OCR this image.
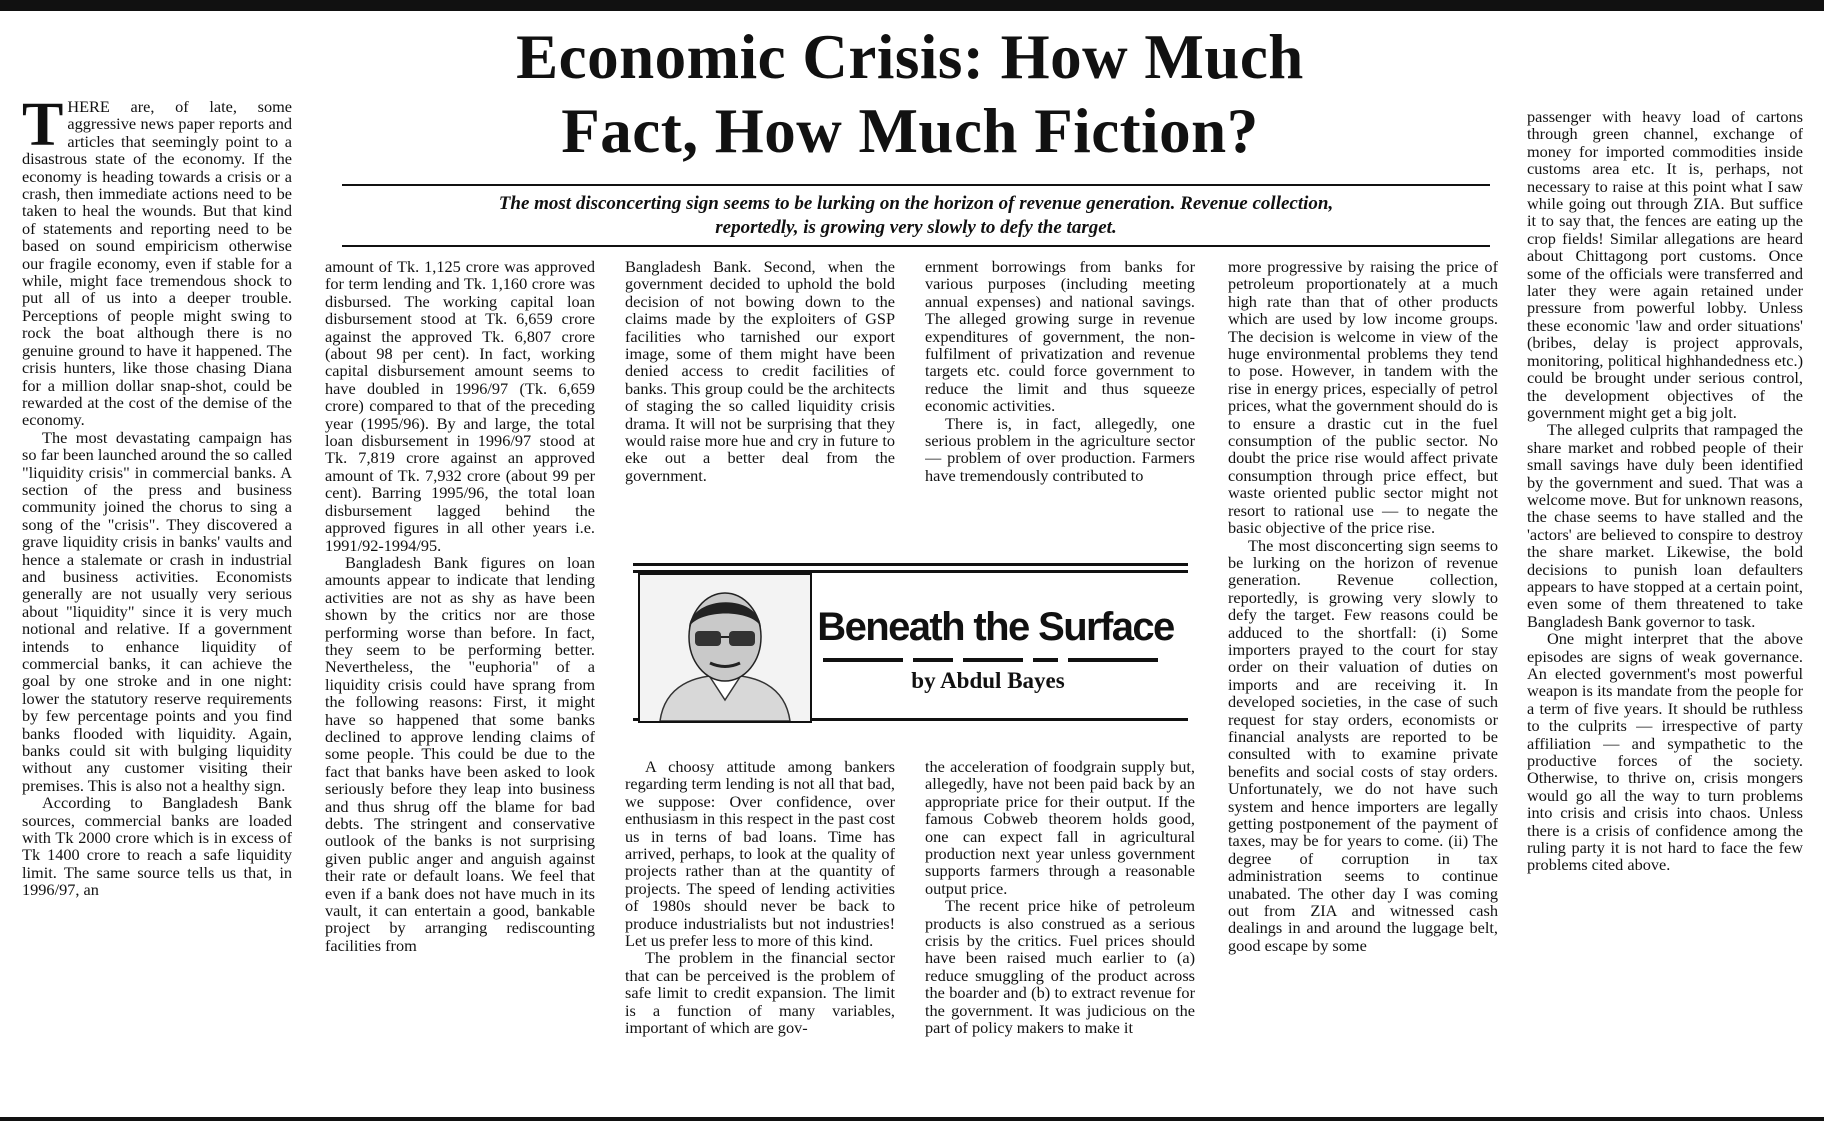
Economic Crisis: How Much
Fact, How Much Fiction?
The most disconcerting sign seems to be lurking on the horizon of revenue generation. Revenue collection,
reportedly, is growing very slowly to defy the target.

THERE are, of late, some aggressive news paper reports and articles that seemingly point to a disastrous state of the economy. If the economy is heading towards a crisis or a crash, then immediate actions need to be taken to heal the wounds. But that kind of statements and reporting need to be based on sound empiricism otherwise our fragile economy, even if stable for a while, might face tremendous shock to put all of us into a deeper trouble. Perceptions of people might swing to rock the boat although there is no genuine ground to have it happened. The crisis hunters, like those chasing Diana for a million dollar snap-shot, could be rewarded at the cost of the demise of the economy.

The most devastating campaign has so far been launched around the so called "liquidity crisis" in commercial banks. A section of the press and business community joined the chorus to sing a song of the "crisis". They discovered a grave liquidity crisis in banks' vaults and hence a stalemate or crash in industrial and business activities. Economists generally are not usually very serious about "liquidity" since it is very much notional and relative. If a government intends to enhance liquidity of commercial banks, it can achieve the goal by one stroke and in one night: lower the statutory reserve requirements by few percentage points and you find banks flooded with liquidity. Again, banks could sit with bulging liquidity without any customer visiting their premises. This is also not a healthy sign.

According to Bangladesh Bank sources, commercial banks are loaded with Tk 2000 crore which is in excess of Tk 1400 crore to reach a safe liquidity limit. The same source tells us that, in 1996/97, an

amount of Tk. 1,125 crore was approved for term lending and Tk. 1,160 crore was disbursed. The working capital loan disbursement stood at Tk. 6,659 crore against the approved Tk. 6,807 crore (about 98 per cent). In fact, working capital disbursement amount seems to have doubled in 1996/97 (Tk. 6,659 crore) compared to that of the preceding year (1995/96). By and large, the total loan disbursement in 1996/97 stood at Tk. 7,819 crore against an approved amount of Tk. 7,932 crore (about 99 per cent). Barring 1995/96, the total loan disbursement lagged behind the approved figures in all other years i.e. 1991/92-1994/95.

Bangladesh Bank figures on loan amounts appear to indicate that lending activities are not as shy as have been shown by the critics nor are those performing worse than before. In fact, they seem to be performing better. Nevertheless, the "euphoria" of a liquidity crisis could have sprang from the following reasons: First, it might have so happened that some banks declined to approve lending claims of some people. This could be due to the fact that banks have been asked to look seriously before they leap into business and thus shrug off the blame for bad debts. The stringent and conservative outlook of the banks is not surprising given public anger and anguish against their rate or default loans. We feel that even if a bank does not have much in its vault, it can entertain a good, bankable project by arranging rediscounting facilities from

Bangladesh Bank. Second, when the government decided to uphold the bold decision of not bowing down to the claims made by the exploiters of GSP facilities who tarnished our export image, some of them might have been denied access to credit facilities of banks. This group could be the architects of staging the so called liquidity crisis drama. It will not be surprising that they would raise more hue and cry in future to eke out a better deal from the government.

ernment borrowings from banks for various purposes (including meeting annual expenses) and national savings. The alleged growing surge in revenue expenditures of government, the non-fulfilment of privatization and revenue targets etc. could force government to reduce the limit and thus squeeze economic activities.

There is, in fact, allegedly, one serious problem in the agriculture sector — problem of over production. Farmers have tremendously contributed to

Beneath the Surface
by Abdul Bayes

A choosy attitude among bankers regarding term lending is not all that bad, we suppose: Over confidence, over enthusiasm in this respect in the past cost us in terns of bad loans. Time has arrived, perhaps, to look at the quality of projects rather than at the quantity of projects. The speed of lending activities of 1980s should never be back to produce industrialists but not industries! Let us prefer less to more of this kind.

The problem in the financial sector that can be perceived is the problem of safe limit to credit expansion. The limit is a function of many variables, important of which are gov-

the acceleration of foodgrain supply but, allegedly, have not been paid back by an appropriate price for their output. If the famous Cobweb theorem holds good, one can expect fall in agricultural production next year unless government supports farmers through a reasonable output price.

The recent price hike of petroleum products is also construed as a serious crisis by the critics. Fuel prices should have been raised much earlier to (a) reduce smuggling of the product across the boarder and (b) to extract revenue for the government. It was judicious on the part of policy makers to make it

more progressive by raising the price of petroleum proportionately at a much high rate than that of other products which are used by low income groups. The decision is welcome in view of the huge environmental problems they tend to pose. However, in tandem with the rise in energy prices, especially of petrol prices, what the government should do is to ensure a drastic cut in the fuel consumption of the public sector. No doubt the price rise would affect private consumption through price effect, but waste oriented public sector might not resort to rational use — to negate the basic objective of the price rise.

The most disconcerting sign seems to be lurking on the horizon of revenue generation. Revenue collection, reportedly, is growing very slowly to defy the target. Few reasons could be adduced to the shortfall: (i) Some importers prayed to the court for stay order on their valuation of duties on imports and are receiving it. In developed societies, in the case of such request for stay orders, economists or financial analysts are reported to be consulted with to examine private benefits and social costs of stay orders. Unfortunately, we do not have such system and hence importers are legally getting postponement of the payment of taxes, may be for years to come. (ii) The degree of corruption in tax administration seems to continue unabated. The other day I was coming out from ZIA and witnessed cash dealings in and around the luggage belt, good escape by some

passenger with heavy load of cartons through green channel, exchange of money for imported commodities inside customs area etc. It is, perhaps, not necessary to raise at this point what I saw while going out through ZIA. But suffice it to say that, the fences are eating up the crop fields! Similar allegations are heard about Chittagong port customs. Once some of the officials were transferred and later they were again retained under pressure from powerful lobby. Unless these economic 'law and order situations' (bribes, delay is project approvals, monitoring, political highhandedness etc.) could be brought under serious control, the development objectives of the government might get a big jolt.

The alleged culprits that rampaged the share market and robbed people of their small savings have duly been identified by the government and sued. That was a welcome move. But for unknown reasons, the chase seems to have stalled and the 'actors' are believed to conspire to destroy the share market. Likewise, the bold decisions to punish loan defaulters appears to have stopped at a certain point, even some of them threatened to take Bangladesh Bank governor to task.

One might interpret that the above episodes are signs of weak governance. An elected government's most powerful weapon is its mandate from the people for a term of five years. It should be ruthless to the culprits — irrespective of party affiliation — and sympathetic to the productive forces of the society. Otherwise, to thrive on, crisis mongers would go all the way to turn problems into crisis and crisis into chaos. Unless there is a crisis of confidence among the ruling party it is not hard to face the few problems cited above.
